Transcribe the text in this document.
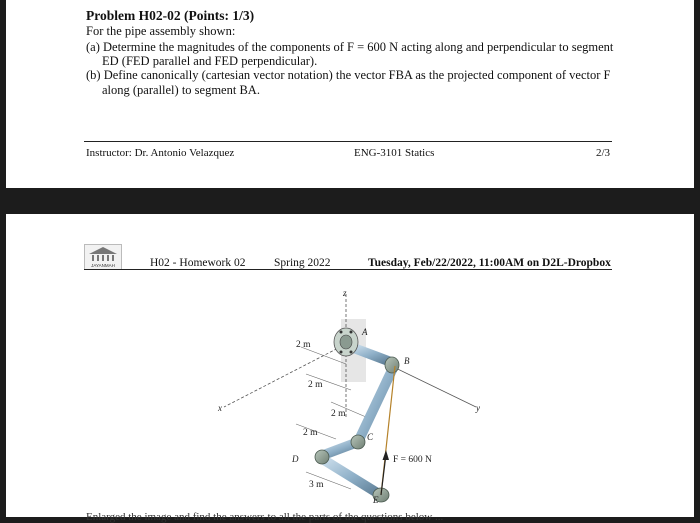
Problem H02-02 (Points: 1/3)
For the pipe assembly shown:
(a) Determine the magnitudes of the components of F = 600 N acting along and perpendicular to segment
ED (FED parallel and FED perpendicular).
(b) Define canonically (cartesian vector notation) the vector FBA as the projected component of vector F
along (parallel) to segment BA.
Instructor: Dr. Antonio Velazquez	ENG-3101 Statics	2/3
JAYANMAH	H02 - Homework 02 Spring 2022	Tuesday, Feb/22/2022, 11:00AM on D2L-Dropbox
z
x	y
A
B
C
D
E
2 m
2 m
2 m
2 m
3 m
F = 600 N
Enlarged the image and find the answers to all the parts of the questions below ...
